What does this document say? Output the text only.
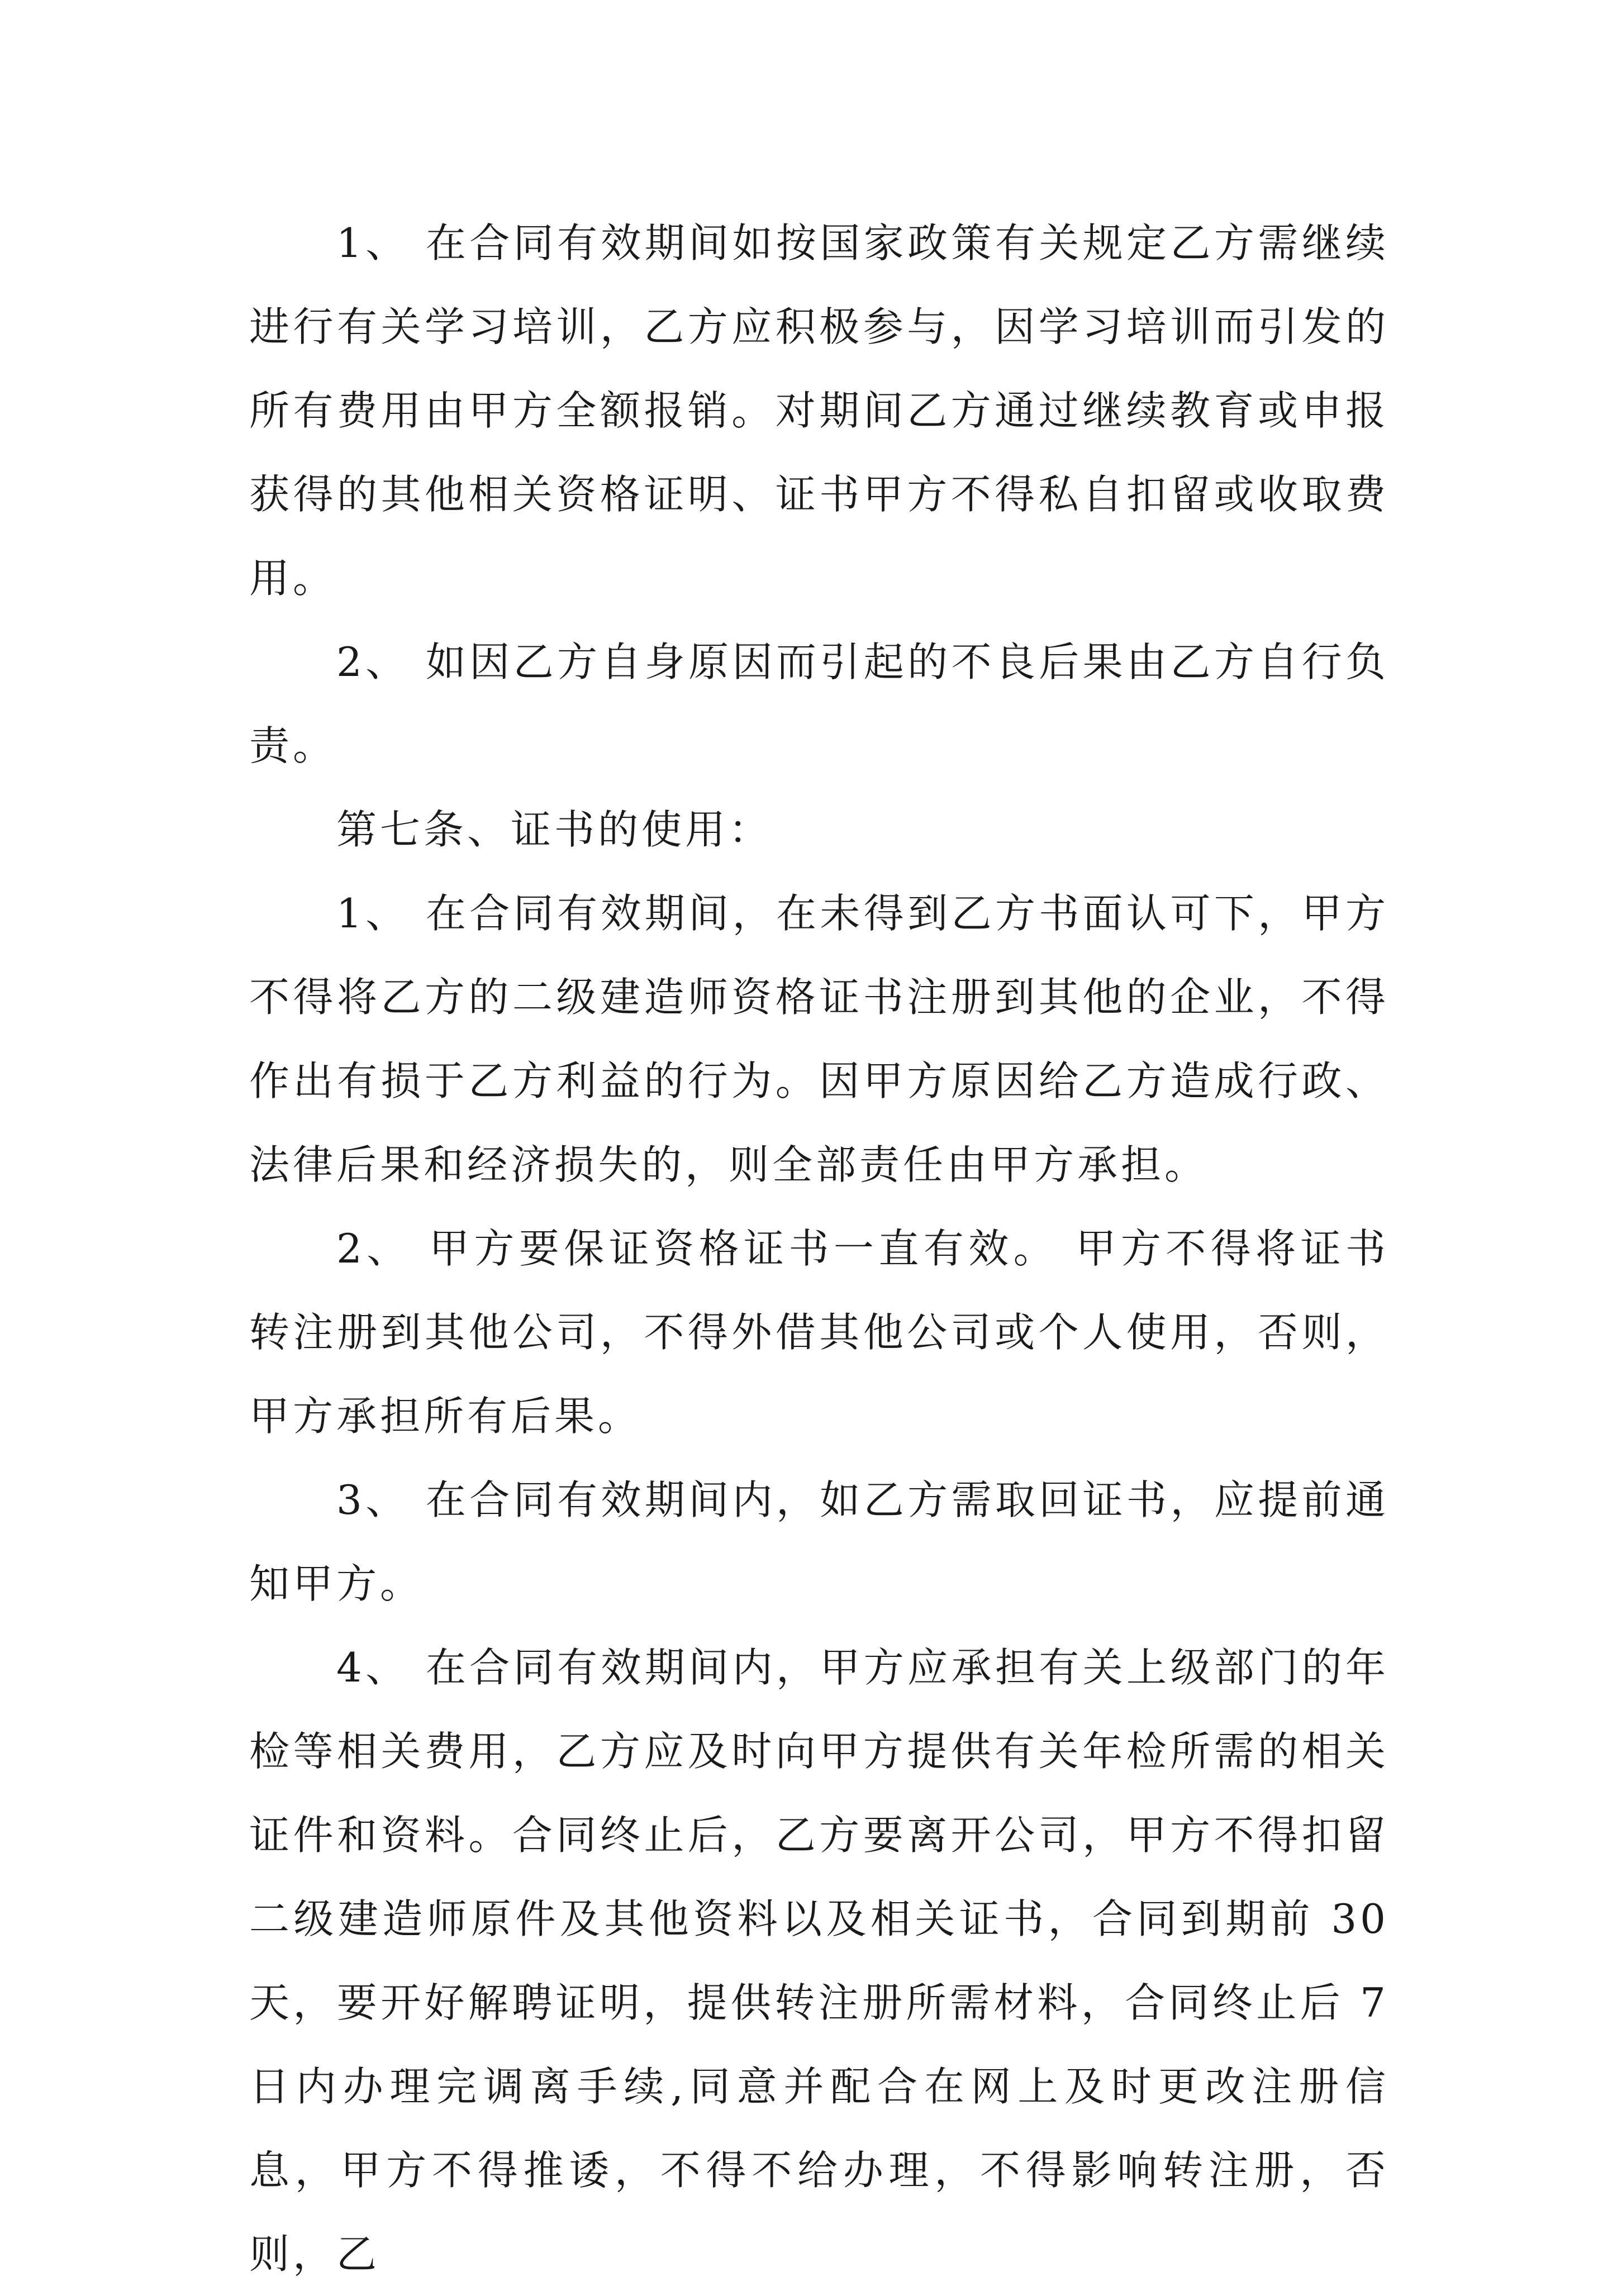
1、 在合同有效期间如按国家政策有关规定乙方需继续进行有关学习培训，乙方应积极参与，因学习培训而引发的所有费用由甲方全额报销。对期间乙方通过继续教育或申报获得的其他相关资格证明、证书甲方不得私自扣留或收取费用。

2、 如因乙方自身原因而引起的不良后果由乙方自行负责。

第七条、证书的使用：

1、 在合同有效期间，在未得到乙方书面认可下，甲方不得将乙方的二级建造师资格证书注册到其他的企业，不得作出有损于乙方利益的行为。因甲方原因给乙方造成行政、法律后果和经济损失的，则全部责任由甲方承担。

2、 甲方要保证资格证书一直有效。 甲方不得将证书转注册到其他公司，不得外借其他公司或个人使用，否则，甲方承担所有后果。

3、 在合同有效期间内，如乙方需取回证书，应提前通知甲方。

4、 在合同有效期间内，甲方应承担有关上级部门的年检等相关费用，乙方应及时向甲方提供有关年检所需的相关证件和资料。合同终止后，乙方要离开公司，甲方不得扣留二级建造师原件及其他资料以及相关证书，合同到期前 30天，要开好解聘证明，提供转注册所需材料，合同终止后 7日内办理完调离手续,同意并配合在网上及时更改注册信息，甲方不得推诿，不得不给办理，不得影响转注册，否则，乙
